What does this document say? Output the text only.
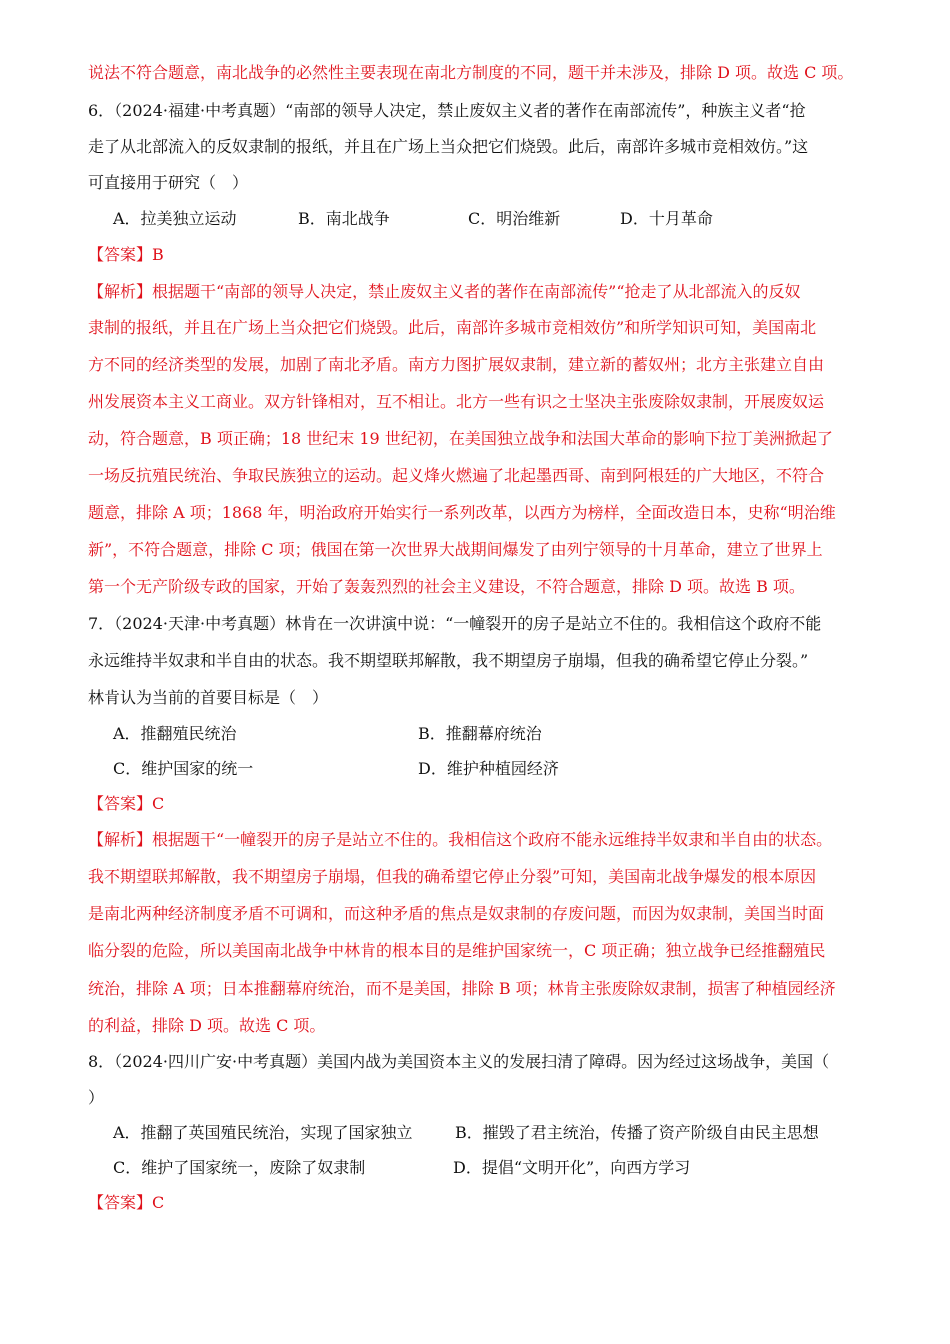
说法不符合题意，南北战争的必然性主要表现在南北方制度的不同，题干并未涉及，排除 D 项。故选 C 项。
6．（2024·福建·中考真题）“南部的领导人决定，禁止废奴主义者的著作在南部流传”，种族主义者“抢
走了从北部流入的反奴隶制的报纸，并且在广场上当众把它们烧毁。此后，南部许多城市竞相效仿。”这
可直接用于研究（　）
A．拉美独立运动	B．南北战争	C．明治维新	D．十月革命
【答案】B
【解析】根据题干“南部的领导人决定，禁止废奴主义者的著作在南部流传”“抢走了从北部流入的反奴
隶制的报纸，并且在广场上当众把它们烧毁。此后，南部许多城市竞相效仿”和所学知识可知，美国南北
方不同的经济类型的发展，加剧了南北矛盾。南方力图扩展奴隶制，建立新的蓄奴州；北方主张建立自由
州发展资本主义工商业。双方针锋相对，互不相让。北方一些有识之士坚决主张废除奴隶制，开展废奴运
动，符合题意，B 项正确；18 世纪末 19 世纪初，在美国独立战争和法国大革命的影响下拉丁美洲掀起了
一场反抗殖民统治、争取民族独立的运动。起义烽火燃遍了北起墨西哥、南到阿根廷的广大地区，不符合
题意，排除 A 项；1868 年，明治政府开始实行一系列改革，以西方为榜样，全面改造日本，史称“明治维
新”，不符合题意，排除 C 项；俄国在第一次世界大战期间爆发了由列宁领导的十月革命，建立了世界上
第一个无产阶级专政的国家，开始了轰轰烈烈的社会主义建设，不符合题意，排除 D 项。故选 B 项。
7．（2024·天津·中考真题）林肯在一次讲演中说：“一幢裂开的房子是站立不住的。我相信这个政府不能
永远维持半奴隶和半自由的状态。我不期望联邦解散，我不期望房子崩塌，但我的确希望它停止分裂。”
林肯认为当前的首要目标是（　）
A．推翻殖民统治	B．推翻幕府统治
C．维护国家的统一	D．维护种植园经济
【答案】C
【解析】根据题干“一幢裂开的房子是站立不住的。我相信这个政府不能永远维持半奴隶和半自由的状态。
我不期望联邦解散，我不期望房子崩塌，但我的确希望它停止分裂”可知，美国南北战争爆发的根本原因
是南北两种经济制度矛盾不可调和，而这种矛盾的焦点是奴隶制的存废问题，而因为奴隶制，美国当时面
临分裂的危险，所以美国南北战争中林肯的根本目的是维护国家统一，C 项正确；独立战争已经推翻殖民
统治，排除 A 项；日本推翻幕府统治，而不是美国，排除 B 项；林肯主张废除奴隶制，损害了种植园经济
的利益，排除 D 项。故选 C 项。
8．（2024·四川广安·中考真题）美国内战为美国资本主义的发展扫清了障碍。因为经过这场战争，美国（
）
A．推翻了英国殖民统治，实现了国家独立	B．摧毁了君主统治，传播了资产阶级自由民主思想
C．维护了国家统一，废除了奴隶制	D．提倡“文明开化”，向西方学习
【答案】C
